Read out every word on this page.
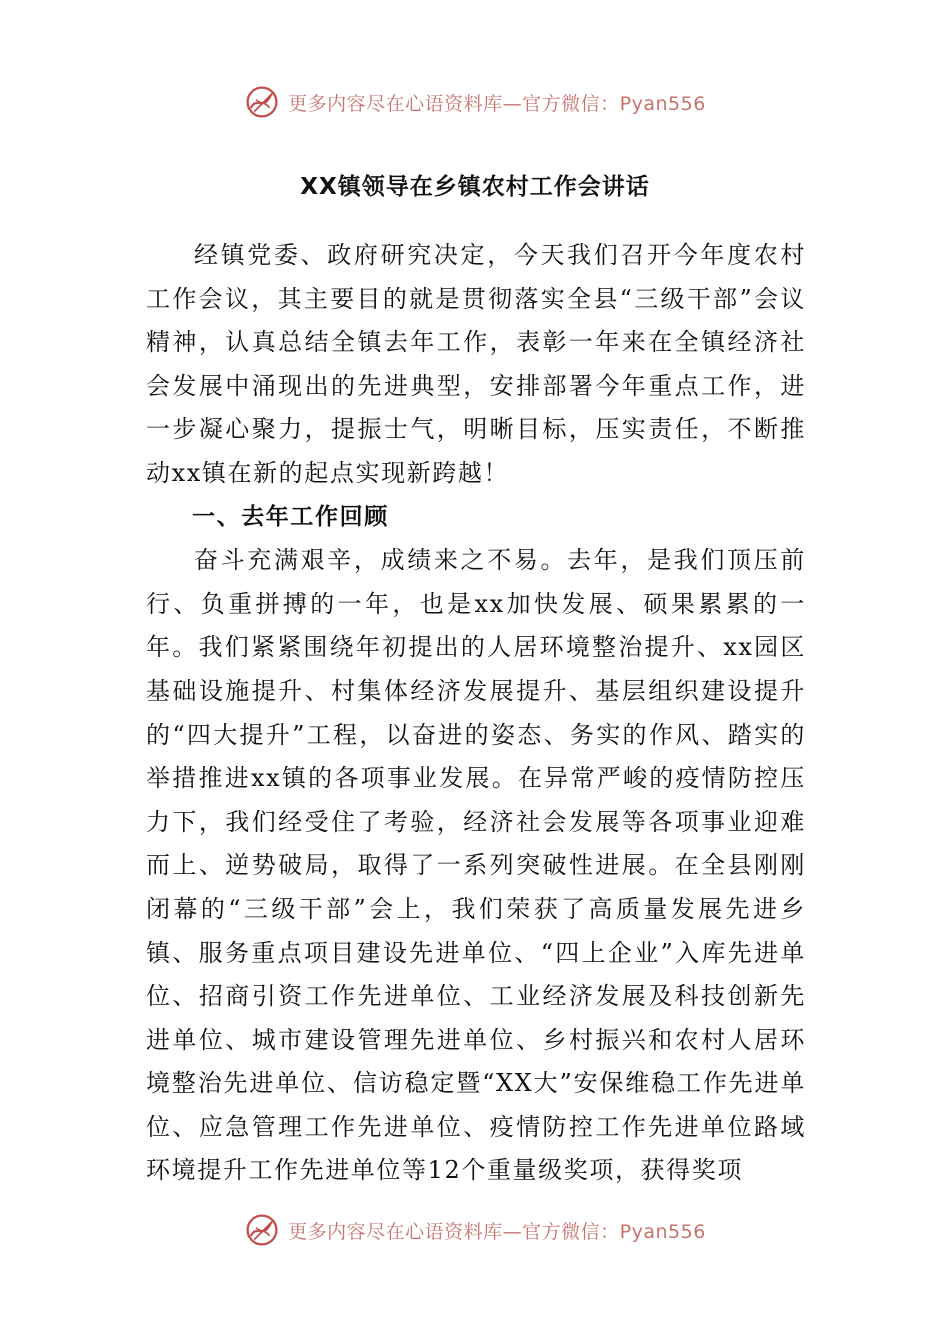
更多内容尽在心语资料库—官方微信：Pyan556
XX镇领导在乡镇农村工作会讲话

经镇党委、政府研究决定，今天我们召开今年度农村工作会议，其主要目的就是贯彻落实全县“三级干部”会议精神，认真总结全镇去年工作，表彰一年来在全镇经济社会发展中涌现出的先进典型，安排部署今年重点工作，进一步凝心聚力，提振士气，明晰目标，压实责任，不断推动xx镇在新的起点实现新跨越！

一、去年工作回顾

奋斗充满艰辛，成绩来之不易。去年，是我们顶压前行、负重拼搏的一年，也是xx加快发展、硕果累累的一年。我们紧紧围绕年初提出的人居环境整治提升、xx园区基础设施提升、村集体经济发展提升、基层组织建设提升的“四大提升”工程，以奋进的姿态、务实的作风、踏实的举措推进xx镇的各项事业发展。在异常严峻的疫情防控压力下，我们经受住了考验，经济社会发展等各项事业迎难而上、逆势破局，取得了一系列突破性进展。在全县刚刚闭幕的“三级干部”会上，我们荣获了高质量发展先进乡镇、服务重点项目建设先进单位、“四上企业”入库先进单位、招商引资工作先进单位、工业经济发展及科技创新先进单位、城市建设管理先进单位、乡村振兴和农村人居环境整治先进单位、信访稳定暨“XX大”安保维稳工作先进单位、应急管理工作先进单位、疫情防控工作先进单位路域环境提升工作先进单位等12个重量级奖项，获得奖项

更多内容尽在心语资料库—官方微信：Pyan556
